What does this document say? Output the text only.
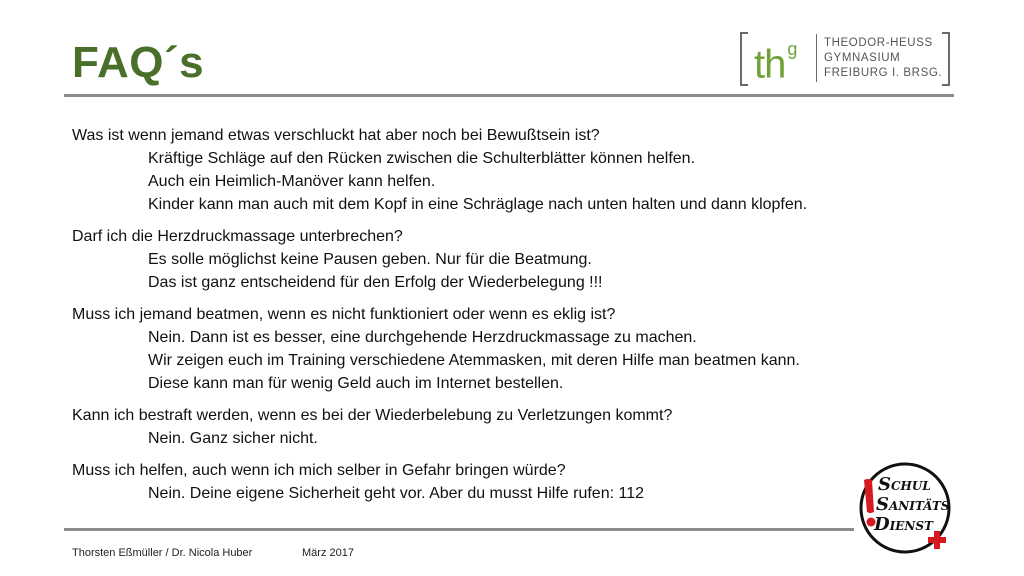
FAQ´s	th $^g$ THEODOR-HEUSS
GYMNASIUM
FREIBURG I. BRSG.
Was ist wenn jemand etwas verschluckt hat aber noch bei Bewußtsein ist?
Kräftige Schläge auf den Rücken zwischen die Schulterblätter können helfen.
Auch ein Heimlich-Manöver kann helfen.
Kinder kann man auch mit dem Kopf in eine Schräglage nach unten halten und dann klopfen.
Darf ich die Herzdruckmassage unterbrechen?
Es solle möglichst keine Pausen geben. Nur für die Beatmung.
Das ist ganz entscheidend für den Erfolg der Wiederbelegung !!!
Muss ich jemand beatmen, wenn es nicht funktioniert oder wenn es eklig ist?
Nein. Dann ist es besser, eine durchgehende Herzdruckmassage zu machen.
Wir zeigen euch im Training verschiedene Atemmasken, mit deren Hilfe man beatmen kann.
Diese kann man für wenig Geld auch im Internet bestellen.
Kann ich bestraft werden, wenn es bei der Wiederbelebung zu Verletzungen kommt?
Nein. Ganz sicher nicht.
Muss ich helfen, auch wenn ich mich selber in Gefahr bringen würde?
Nein. Deine eigene Sicherheit geht vor. Aber du musst Hilfe rufen: 112
Thorsten Eßmüller / Dr. Nicola Huber	März 2017
SCHUL
SANITÄTS
DIENST
